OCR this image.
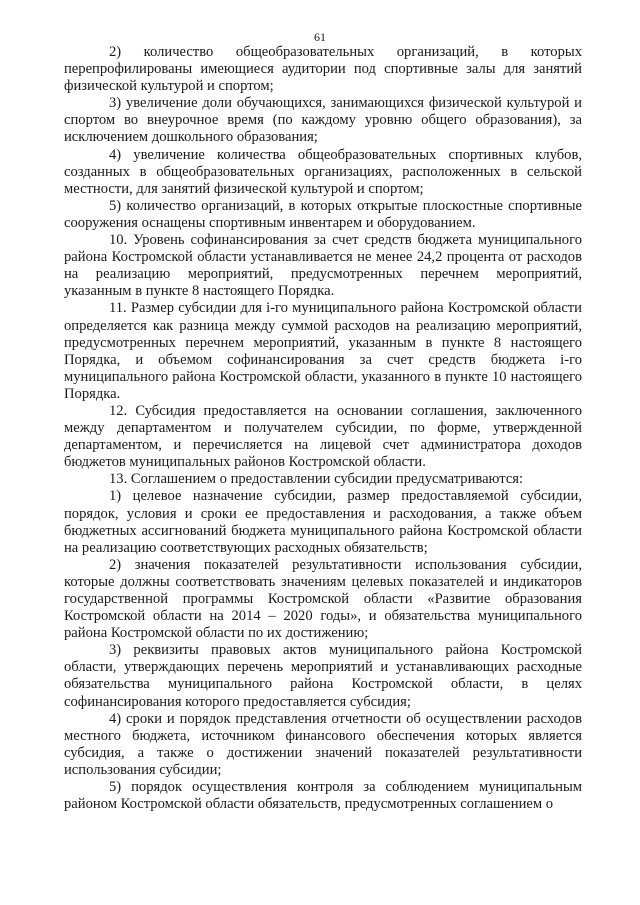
61

2) количество общеобразовательных организаций, в которых перепрофилированы имеющиеся аудитории под спортивные залы для занятий физической культурой и спортом;

3) увеличение доли обучающихся, занимающихся физической культурой и спортом во внеурочное время (по каждому уровню общего образования), за исключением дошкольного образования;

4) увеличение количества общеобразовательных спортивных клубов, созданных в общеобразовательных организациях, расположенных в сельской местности, для занятий физической культурой и спортом;

5) количество организаций, в которых открытые плоскостные спортивные сооружения оснащены спортивным инвентарем и оборудованием.

10. Уровень софинансирования за счет средств бюджета муниципального района Костромской области устанавливается не менее 24,2 процента от расходов на реализацию мероприятий, предусмотренных перечнем мероприятий, указанным в пункте 8 настоящего Порядка.

11. Размер субсидии для i-го муниципального района Костромской области определяется как разница между суммой расходов на реализацию мероприятий, предусмотренных перечнем мероприятий, указанным в пункте 8 настоящего Порядка, и объемом софинансирования за счет средств бюджета i-го муниципального района Костромской области, указанного в пункте 10 настоящего Порядка.

12. Субсидия предоставляется на основании соглашения, заключенного между департаментом и получателем субсидии, по форме, утвержденной департаментом, и перечисляется на лицевой счет администратора доходов бюджетов муниципальных районов Костромской области.

13. Соглашением о предоставлении субсидии предусматриваются:

1) целевое назначение субсидии, размер предоставляемой субсидии, порядок, условия и сроки ее предоставления и расходования, а также объем бюджетных ассигнований бюджета муниципального района Костромской области на реализацию соответствующих расходных обязательств;

2) значения показателей результативности использования субсидии, которые должны соответствовать значениям целевых показателей и индикаторов государственной программы Костромской области «Развитие образования Костромской области на 2014 – 2020 годы», и обязательства муниципального района Костромской области по их достижению;

3) реквизиты правовых актов муниципального района Костромской области, утверждающих перечень мероприятий и устанавливающих расходные обязательства муниципального района Костромской области, в целях софинансирования которого предоставляется субсидия;

4) сроки и порядок представления отчетности об осуществлении расходов местного бюджета, источником финансового обеспечения которых является субсидия, а также о достижении значений показателей результативности использования субсидии;

5) порядок осуществления контроля за соблюдением муниципальным районом Костромской области обязательств, предусмотренных соглашением о
